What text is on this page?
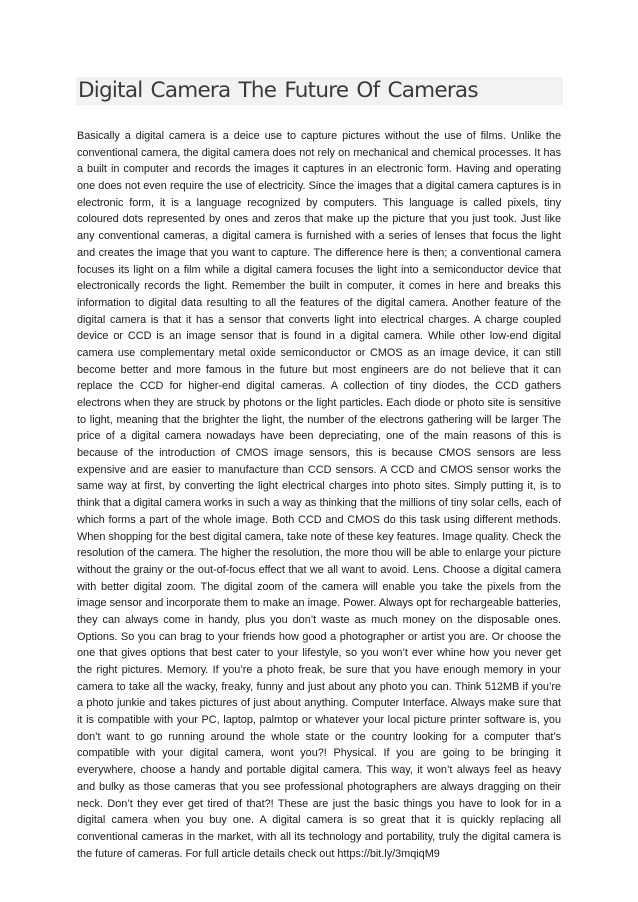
Digital Camera The Future Of Cameras

Basically a digital camera is a deice use to capture pictures without the use of films. Unlike the conventional camera, the digital camera does not rely on mechanical and chemical processes. It has a built in computer and records the images it captures in an electronic form. Having and operating one does not even require the use of electricity. Since the images that a digital camera captures is in electronic form, it is a language recognized by computers. This language is called pixels, tiny coloured dots represented by ones and zeros that make up the picture that you just took. Just like any conventional cameras, a digital camera is furnished with a series of lenses that focus the light and creates the image that you want to capture. The difference here is then; a conventional camera focuses its light on a film while a digital camera focuses the light into a semiconductor device that electronically records the light. Remember the built in computer, it comes in here and breaks this information to digital data resulting to all the features of the digital camera. Another feature of the digital camera is that it has a sensor that converts light into electrical charges. A charge coupled device or CCD is an image sensor that is found in a digital camera. While other low-end digital camera use complementary metal oxide semiconductor or CMOS as an image device, it can still become better and more famous in the future but most engineers are do not believe that it can replace the CCD for higher-end digital cameras. A collection of tiny diodes, the CCD gathers electrons when they are struck by photons or the light particles. Each diode or photo site is sensitive to light, meaning that the brighter the light, the number of the electrons gathering will be larger The price of a digital camera nowadays have been depreciating, one of the main reasons of this is because of the introduction of CMOS image sensors, this is because CMOS sensors are less expensive and are easier to manufacture than CCD sensors. A CCD and CMOS sensor works the same way at first, by converting the light electrical charges into photo sites. Simply putting it, is to think that a digital camera works in such a way as thinking that the millions of tiny solar cells, each of which forms a part of the whole image. Both CCD and CMOS do this task using different methods. When shopping for the best digital camera, take note of these key features. Image quality. Check the resolution of the camera. The higher the resolution, the more thou will be able to enlarge your picture without the grainy or the out-of-focus effect that we all want to avoid. Lens. Choose a digital camera with better digital zoom. The digital zoom of the camera will enable you take the pixels from the image sensor and incorporate them to make an image. Power. Always opt for rechargeable batteries, they can always come in handy, plus you don’t waste as much money on the disposable ones. Options. So you can brag to your friends how good a photographer or artist you are. Or choose the one that gives options that best cater to your lifestyle, so you won’t ever whine how you never get the right pictures. Memory. If you’re a photo freak, be sure that you have enough memory in your camera to take all the wacky, freaky, funny and just about any photo you can. Think 512MB if you’re a photo junkie and takes pictures of just about anything. Computer Interface. Always make sure that it is compatible with your PC, laptop, palmtop or whatever your local picture printer software is, you don’t want to go running around the whole state or the country looking for a computer that’s compatible with your digital camera, wont you?! Physical. If you are going to be bringing it everywhere, choose a handy and portable digital camera. This way, it won’t always feel as heavy and bulky as those cameras that you see professional photographers are always dragging on their neck. Don’t they ever get tired of that?! These are just the basic things you have to look for in a digital camera when you buy one. A digital camera is so great that it is quickly replacing all conventional cameras in the market, with all its technology and portability, truly the digital camera is the future of cameras. For full article details check out https://bit.ly/3mqiqM9
